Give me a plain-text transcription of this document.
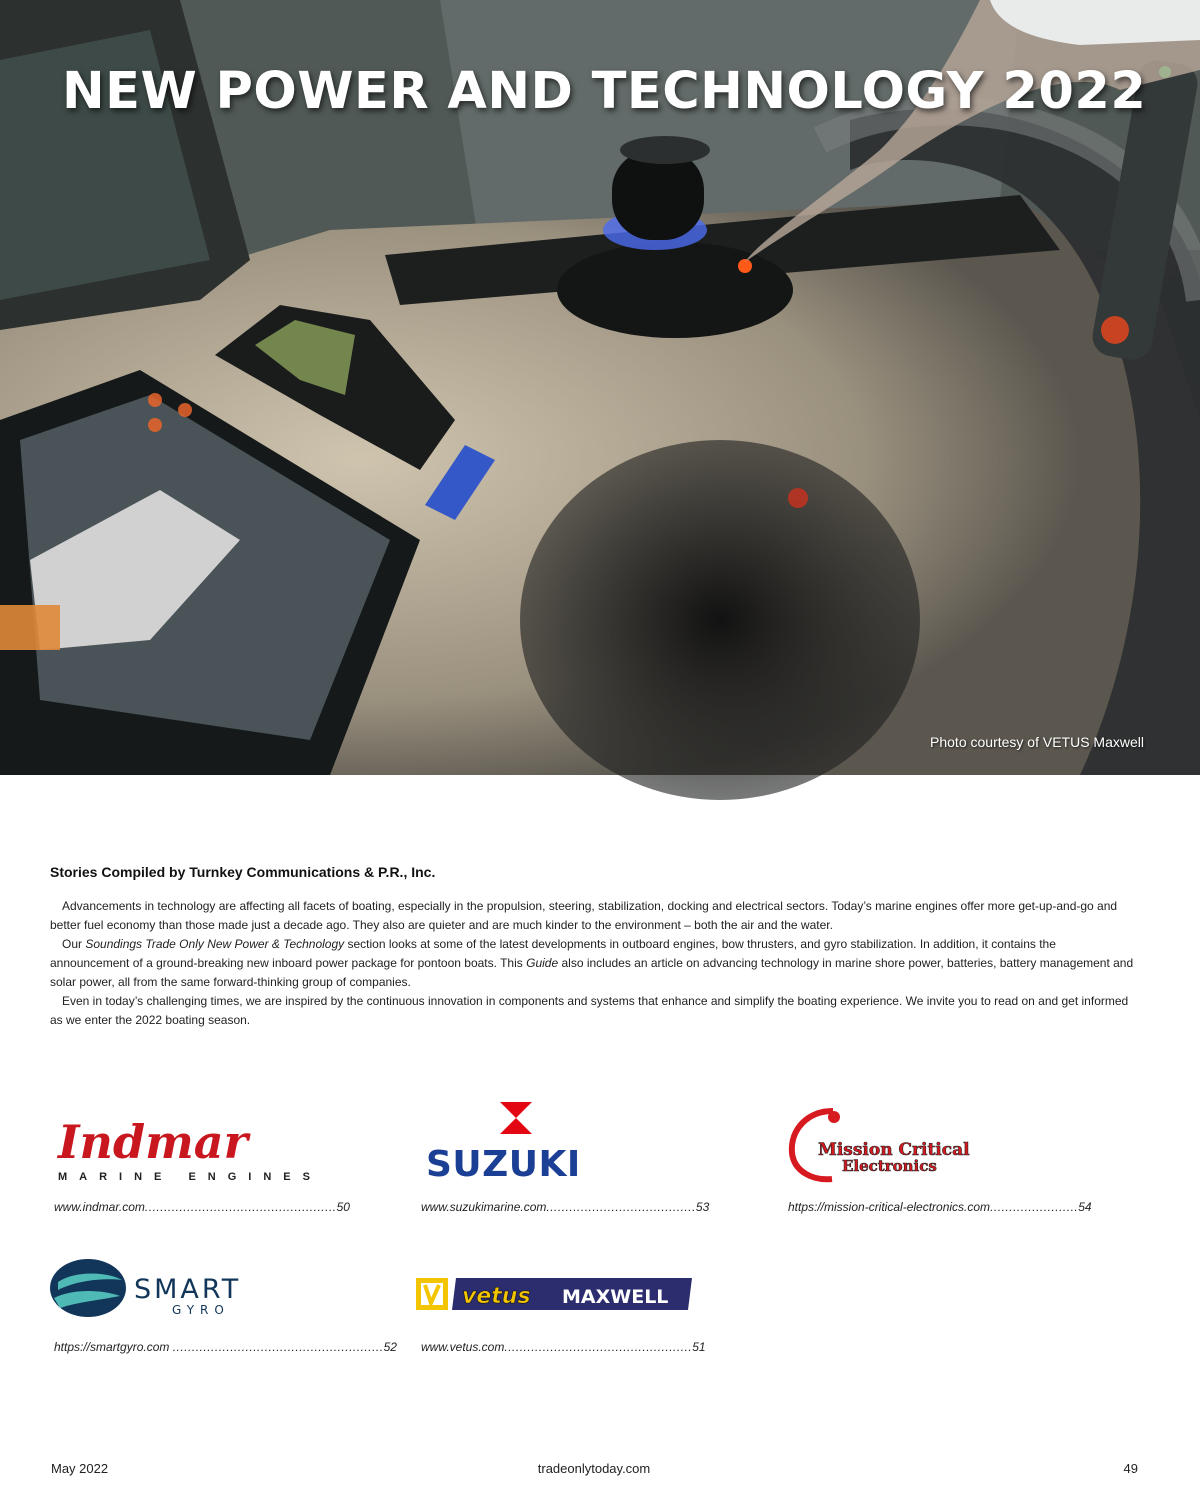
NEW POWER AND TECHNOLOGY 2022
Photo courtesy of VETUS Maxwell
Stories Compiled by Turnkey Communications & P.R., Inc.

Advancements in technology are affecting all facets of boating, especially in the propulsion, steering, stabilization, docking and electrical sectors. Today’s marine engines offer more get-up-and-go and better fuel economy than those made just a decade ago. They also are quieter and are much kinder to the environment – both the air and the water.

Our Soundings Trade Only New Power & Technology section looks at some of the latest developments in outboard engines, bow thrusters, and gyro stabilization. In addition, it contains the announcement of a ground-breaking new inboard power package for pontoon boats. This Guide also includes an article on advancing technology in marine shore power, batteries, battery management and solar power, all from the same forward-thinking group of companies.

Even in today’s challenging times, we are inspired by the continuous innovation in components and systems that enhance and simplify the boating experience. We invite you to read on and get informed as we enter the 2022 boating season.

Indmar
MARINE ENGINES
www.indmar.com..................................................50
SUZUKI
www.suzukimarine.com.......................................53
Mission Critical
Electronics
https://mission-critical-electronics.com.......................54
SMART
GYRO
https://smartgyro.com .......................................................52
vetus MAXWELL
www.vetus.com.................................................51
May 2022	tradeonlytoday.com	49
